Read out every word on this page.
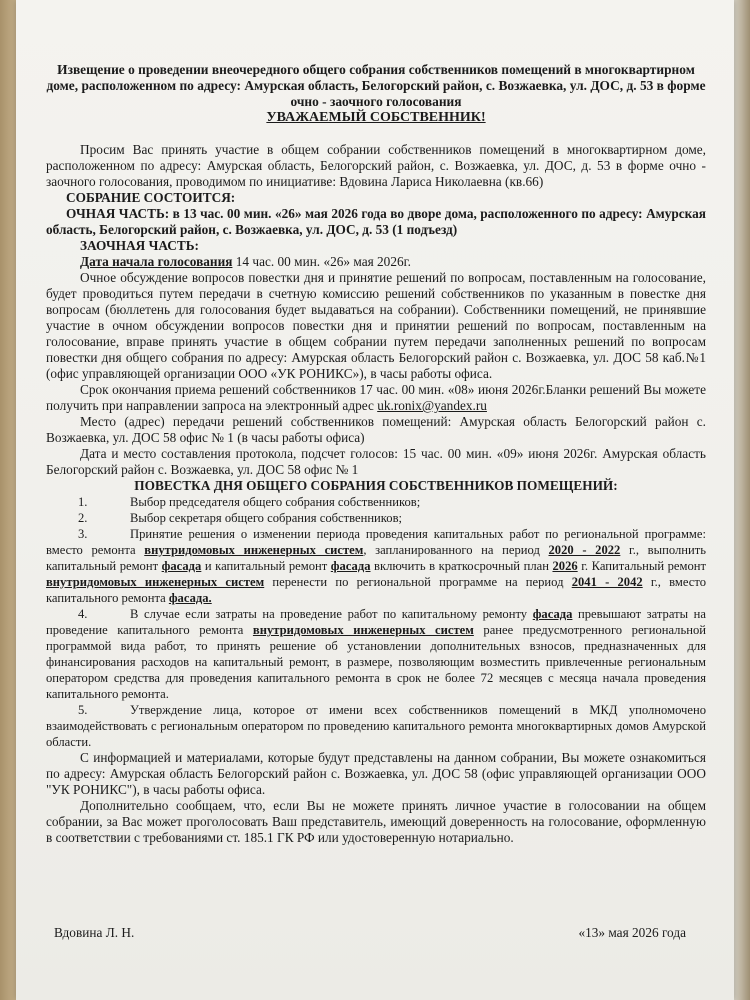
Извещение о проведении внеочередного общего собрания собственников помещений в многоквартирном доме, расположенном по адресу: Амурская область, Белогорский район, с. Возжаевка, ул. ДОС, д. 53 в форме очно - заочного голосования

УВАЖАЕМЫЙ СОБСТВЕННИК!

Просим Вас принять участие в общем собрании собственников помещений в многоквартирном доме, расположенном по адресу: Амурская область, Белогорский район, с. Возжаевка, ул. ДОС, д. 53 в форме очно - заочного голосования, проводимом по инициативе: Вдовина Лариса Николаевна (кв.66)

СОБРАНИЕ СОСТОИТСЯ:

ОЧНАЯ ЧАСТЬ: в 13 час. 00 мин. «26» мая 2026 года во дворе дома, расположенного по адресу: Амурская область, Белогорский район, с. Возжаевка, ул. ДОС, д. 53 (1 подъезд)

ЗАОЧНАЯ ЧАСТЬ:

Дата начала голосования 14 час. 00 мин. «26» мая 2026г.

Очное обсуждение вопросов повестки дня и принятие решений по вопросам, поставленным на голосование, будет проводиться путем передачи в счетную комиссию решений собственников по указанным в повестке дня вопросам (бюллетень для голосования будет выдаваться на собрании). Собственники помещений, не принявшие участие в очном обсуждении вопросов повестки дня и принятии решений по вопросам, поставленным на голосование, вправе принять участие в общем собрании путем передачи заполненных решений по вопросам повестки дня общего собрания по адресу: Амурская область Белогорский район с. Возжаевка, ул. ДОС 58 каб.№1 (офис управляющей организации ООО «УК РОНИКС»), в часы работы офиса.

Срок окончания приема решений собственников 17 час. 00 мин. «08» июня 2026г.Бланки решений Вы можете получить при направлении запроса на электронный адрес uk.ronix@yandex.ru

Место (адрес) передачи решений собственников помещений: Амурская область Белогорский район с. Возжаевка, ул. ДОС 58 офис № 1 (в часы работы офиса)

Дата и место составления протокола, подсчет голосов: 15 час. 00 мин. «09» июня 2026г. Амурская область Белогорский район с. Возжаевка, ул. ДОС 58 офис № 1

ПОВЕСТКА ДНЯ ОБЩЕГО СОБРАНИЯ СОБСТВЕННИКОВ ПОМЕЩЕНИЙ:

1.	Выбор председателя общего собрания собственников;

2.	Выбор секретаря общего собрания собственников;

3.	Принятие решения о изменении периода проведения капитальных работ по региональной программе: вместо ремонта внутридомовых инженерных систем, запланированного на период 2020 - 2022 г., выполнить капитальный ремонт фасада и капитальный ремонт фасада включить в краткосрочный план 2026 г. Капитальный ремонт внутридомовых инженерных систем перенести по региональной программе на период 2041 - 2042 г., вместо капитального ремонта фасада.

4.	В случае если затраты на проведение работ по капитальному ремонту фасада превышают затраты на проведение капитального ремонта внутридомовых инженерных систем ранее предусмотренного региональной программой вида работ, то принять решение об установлении дополнительных взносов, предназначенных для финансирования расходов на капитальный ремонт, в размере, позволяющим возместить привлеченные региональным оператором средства для проведения капитального ремонта в срок не более 72 месяцев с месяца начала проведения капитального ремонта.

5.	Утверждение лица, которое от имени всех собственников помещений в МКД уполномочено взаимодействовать с региональным оператором по проведению капитального ремонта многоквартирных домов Амурской области.

С информацией и материалами, которые будут представлены на данном собрании, Вы можете ознакомиться по адресу: Амурская область Белогорский район с. Возжаевка, ул. ДОС 58 (офис управляющей организации ООО "УК РОНИКС"), в часы работы офиса.

Дополнительно сообщаем, что, если Вы не можете принять личное участие в голосовании на общем собрании, за Вас может проголосовать Ваш представитель, имеющий доверенность на голосование, оформленную в соответствии с требованиями ст. 185.1 ГК РФ или удостоверенную нотариально.

Вдовина Л. Н.	«13» мая 2026 года
